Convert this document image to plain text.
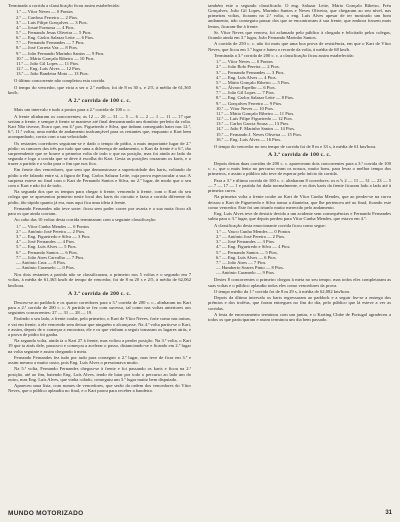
Terminada a corrida a classificação ficou assim estabelecida:

1.º — Vítor Neves — 0 Pontos
2.º — Cardoso Ferreira — 2 Ptos.
3.º — Luís Filipe Gonçalves — 3 Ptos.
4.º — Josué Formosa — 4 Ptos.
5.º — Fernando Jesus Oliveira — 5 Ptos.
6.º — Eng. Carlos Salazar Leite — 6 Ptos.
7.º — Fernando Fernandes — 7 Ptos.
8.º — José Correia Vaz — 8 Ptos.
9.º — João Fernando Marinho Santos — 9 Ptos.
10.º — Mário Gonçalo Ribeiro — 10 Ptos.
11.º — João Gil Lopes — 11 Ptos.
12.º — Eng. Luís Alves — 12 Ptos.
13.º — João Bandeira Mota — 13 Ptos.

O último concorrente não completou esta corrida.

O tempo do vencedor, que viria a ser o 2.º melhor, foi de 8 m 30 s, e 2/5, à média de 61,365 km/h.

A 2.ª corrida de 100 c. c.

Mais um intervalo e tudo a postos para a 2.ª corrida de 100 c. c.

A frente alinharam os concorrentes; as 12 — 20 — 31 — 5 — 6 — 2 — 1 — 11 — 17 que seriam a frente, e sempre à frente se manteve até final demonstrando um domínio perfeito da volta. Kart Não tivesse, Ecaro que, em 4.ª pos. Figueiredo e Silva, que tinham conseguido bater nas 12.ª, 6.ª, 11.ª voltas, uma média de andamento inalcançável para os restantes que, enquanto o Kart bem acompanhado, corria com a sua velocidade.

Os restantes corredores seguiram-se e dado o tempo de pódio, a mais importante lugar de 2.º pódio: os rumores dos três por tudo que uma a diferença de andamento, o Kart da frente é o 6.º, tão surpreendente que se houve a primeira volta de todo o que na posição, mas foi ainda ao lado da segunda e logo a corrida que se deve à escolha do Kart. Gesta as posições cruzaram os karts, e o trazer a partida e a volta para o fim que nos fica.

Em frente dos vencedores, que sem que demonstrasse a superioridade dos karts, voltando do pódio a ele falando entre si, a figura de Eng. Carlos Salazar Leite, cuja prova espectacular a sua. A surpresa esteve no final com o Kart de Fernando Santos e Silva, no 2.º lugar, de modo que o seu com o Kart e não foi de todo.

Na segunda dos que os tempos para chegar à frente, vencendo à frente, com o Kart do seu colega que se apresentou primeiro neste local dos karts do circuito e fazia a corrida diferente do pódio, tão rápido quanto já era, mas aqui fica uma ideia à frente.

Fernando Fernandes não teve sorte: ficou sem poder correr por avaria e a sua mota ficou ali para os que ainda corriam.

Ao cabo das 10 voltas desta corrida terminaram com a seguinte classificação:

1.º — Vítor Cunha Mendes — 0 Pontos
2.º — António José Pereira — 2 Ptos.
3.º — Eng. Figueiredo e Silva — 3 Ptos.
4.º — José Fernandes — 4 Ptos.
5.º — Eng. Luís Alves — 5 Ptos.
6.º — Fernando Santos — 6 Ptos.
7.º — João Aires Carvalho — 7 Ptos.
— António Cruz — 8 Ptos.
— António Caramelo — 0 Ptos.

Nos dois restantes a partida não se classificaram, o primeiro nos 5 voltas e o segundo em 7 voltas, à média de 61,365 km/h de tempo de vencedor, foi de 8 m 20 s e 2/5, à média de 62,062 km/hora.

A 3.ª corrida de 200 c. c.

Desceu-se ao paddock e os quatro corredores para a 3.ª corrida de 200 c. c., alinharam no Kart para a 2.ª corrida de 200 c. c. A partida se fez com sucesso, tal como nas voltas anteriores aos seguintes concorrentes: 27 — 31 — 28 — 19.

Partindo a seu lado, a frente coube, pelo primeiro, o Kart de Vítor Neves, forte como nas outras, e vai em frente, a ele vencendo sem deixar que ninguém o alcançasse. Na 4.ª volta partiu-se o Kart, e assim, depois de o começar a encontrar, ele e os que vinham a seguir tomaram os lugares atrás, e a prova de pódio foi ganha.

Na segunda volta, ainda ia o Kart 27 à frente, mas voltou a perder posição. Na 3.ª volta, o Kart 19 que ia atrás dele, passou-o e começou a acelerar o passo, distanciando-se e ficando em 2.º lugar na volta seguinte e assim chegando à meta.

Fernando Fernandes fez tudo por tudo para conseguir o 2.º lugar, mas teve de ficar em 3.º e assim mesmo a muito custo, pois Eng. Luís Alves o pressionava muito.

Na 5.ª volta, Fernando Fernandes chegou-se à frente e foi passando os karts e ficou na 2.ª posição, até ao fim, batendo Eng. Luís Alves, tendo de lutar por todo o percurso ao lado um do outro, mas Eng. Luís Alves, que vinha colado, conseguiu um 3.º lugar muito bem disputado.

Apareceu uma lista, com nomes de vencedores, que serão da ordem dos vencedores do Vítor Neves, que o público aplaudiu no final, e o Kart parou para receber a bandeira.

também este o segundo classificado. O eng. Salazar Leite, Mário Gonçalo Ribeiro, Fréu Gonçalves, João Gil Lopes, Marinho Santos e Neves Oliveira, que chegaram ao seu nível, nas primeiras voltas, ficaram na 2.ª volta, o eng. Luís Alves apesar de ter mostrado um bom andamento, não conseguiu passar dos que se encontravam à sua frente, que embora fossem mais lentos, ficaram-lhe à frente.

Sr. Vítor Neves que venceu, foi aclamado pelo público à chegada e felicitado pelos colegas, ficando ainda em 3.º lugar, João Fernando Marinho Santos.

A corrida de 250 c. c. não foi mais que uma boa prova de resistência, em que o Kart de Vítor Neves, que ficou em 1.º lugar e bateu o recorde da volta, à média de 68 km/h.

Terminada a 3.ª corrida de 200 c. c. a classificação ficou assim estabelecida:

1.º — Vítor Neves — 0 Pontos
2.º — João Bolo Pereira — 2 Ptos.
3.º — Fernando Fernandes — 3 Ptos.
4.º — Eng. Luís Alves — 4 Ptos.
5.º — Mário Gonçalo Ribeiro — 5 Ptos.
6.º — Álvaro Espelho — 6 Ptos.
7.º — João Gil Lopes — 7 Ptos.
8.º — Eng. Carlos Salazar Leite — 8 Ptos.
9.º — Gonçalves Ferreira — 9 Ptos.
10.º — Vítor Neves — 10 Ptos.
11.º — Mário Gonçalo Ribeiro — 11 Ptos.
12.º — Luís Filipe Figueiredo — 12 Ptos.
13.º — Carlos Garcia Sousa — 13 Ptos.
14.º — João F. Marinho Santos — 14 Ptos.
15.º — Fernando J. Neves Oliveira — 15 Ptos.
16.º — Eng. Luís Alves — 16 Ptos.

O tempo do vencedor no seu tempo de corrida foi de 8 m e 33 s, à média de 61 km/hora.

A 3.ª corrida de 100 c. c.

Depois destas duas corridas de 200 c. c. apareceram dois concorrentes para a 3.ª corrida de 100 c. c., que o mais lento no percurso eram os nossos, muito bons, para levar o melhor tempo dos primeiros, e assim o público não teve de esperar pelo início da corrida.

Para a 3.ª e última corrida de 100 c. c. alinharam 8 corredores: os n.ºs 2 — 11 — 31 — 23 — 5 — 7 — 17 — 1 e partida foi dada normalmente, e os dois karts da frente ficaram lado a lado até à primeira curva.

Na primeira volta a frente coube ao Kart de Vítor Cunha Mendes, que ao perder-se na curva deixou o Kart de Figueiredo e Silva tomar a dianteira, que lhe pertenceu até ao final, ficando este como vencedor. Este foi um triunfo muito merecido pelo andamento.

Eng. Luís Alves teve de desistir devido a um acidente sem consequências e Fernando Fernandes subiu para o 3.º lugar, que depois perdeu para Vítor Cunha Mendes, que estava em 4.º.

A classificação desta emocionante corrida ficou como segue:

1.º — Vasco Cunha Mendes — 0 Pontos
2.º — António José Pereira — 2 Ptos.
3.º — José Fernandes — 3 Ptos.
4.º — Eng. Figueiredo e Silva — 4 Ptos.
5.º — Fernando Santos — 5 Ptos.
6.º — Eng. Luís Alves — 6 Ptos.
7.º — João Aires — 7 Ptos.
— Humberto Soares Pinto — 8 Ptos.
— António Caramelo — 9 Ptos.

Destes 8 concorrentes o primeiro chegou à meta no seu tempo, mas todos eles completaram as suas voltas e o público aplaudiu todos eles como vencedores da prova.

O tempo médio da 1.ª corrida foi de 8 m 29 s, à média de 62,082 km/hora.

Depois da última intervalo os karts regressaram ao paddock e a seguir fez-se a entrega dos prémios e dos troféus, que foram entregues no fim do dia, pelo público que lá esteve a ver as corridas.

A festa de encerramento terminou com um jantar, e o Karting Clube de Portugal agradeceu a todos os que participaram e assim terminou um dia bem passado.

MUNDO MOTORIZADO	31
